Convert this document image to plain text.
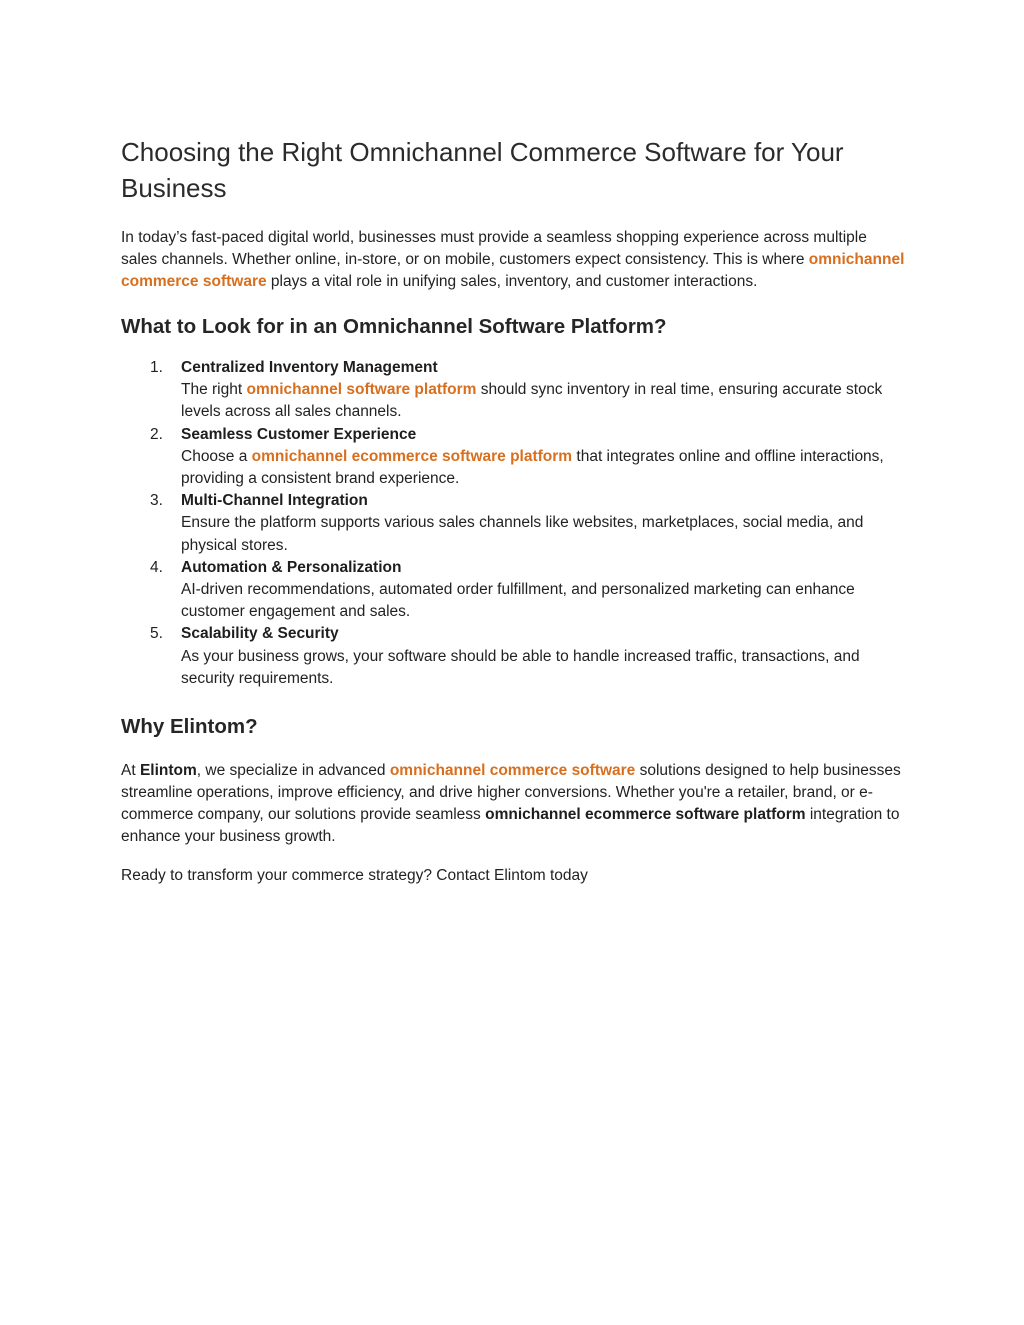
Choosing the Right Omnichannel Commerce Software for Your Business

In today’s fast-paced digital world, businesses must provide a seamless shopping experience across multiple sales channels. Whether online, in-store, or on mobile, customers expect consistency. This is where omnichannel commerce software plays a vital role in unifying sales, inventory, and customer interactions.

What to Look for in an Omnichannel Software Platform?
1. Centralized Inventory Management
The right omnichannel software platform should sync inventory in real time, ensuring accurate stock levels across all sales channels.
2. Seamless Customer Experience
Choose a omnichannel ecommerce software platform that integrates online and offline interactions, providing a consistent brand experience.
3. Multi-Channel Integration
Ensure the platform supports various sales channels like websites, marketplaces, social media, and physical stores.
4. Automation & Personalization
AI-driven recommendations, automated order fulfillment, and personalized marketing can enhance customer engagement and sales.
5. Scalability & Security
As your business grows, your software should be able to handle increased traffic, transactions, and security requirements.
Why Elintom?

At Elintom, we specialize in advanced omnichannel commerce software solutions designed to help businesses streamline operations, improve efficiency, and drive higher conversions. Whether you're a retailer, brand, or e-commerce company, our solutions provide seamless omnichannel ecommerce software platform integration to enhance your business growth.

Ready to transform your commerce strategy? Contact Elintom today
